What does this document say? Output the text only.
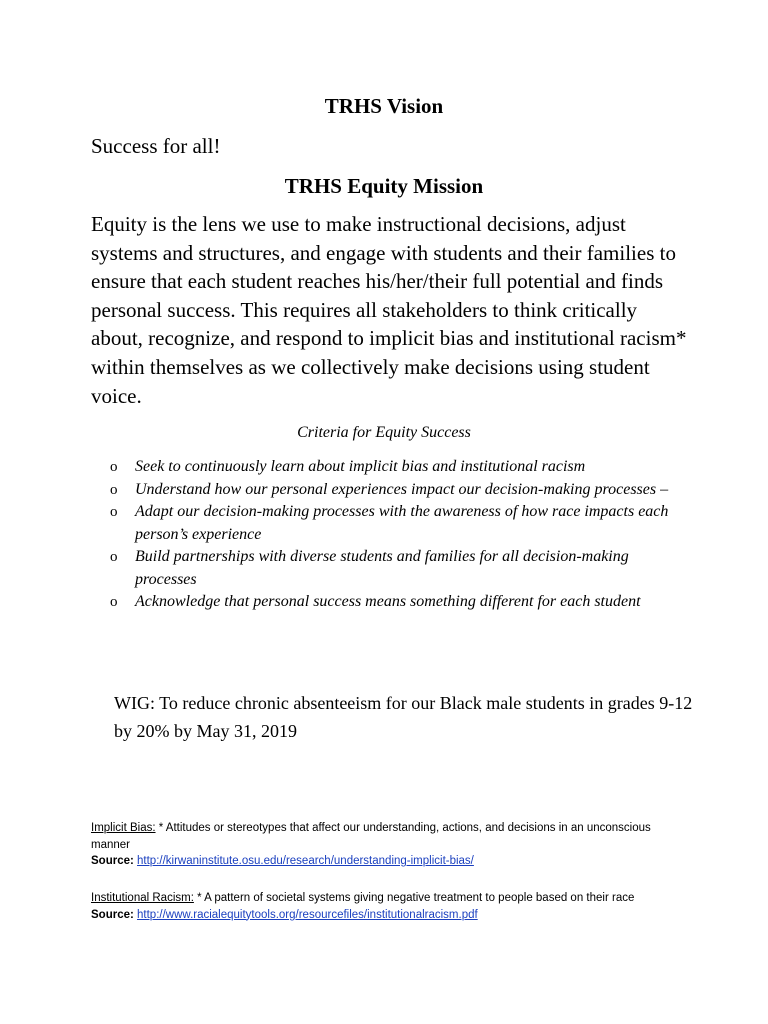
TRHS Vision
Success for all!
TRHS Equity Mission
Equity is the lens we use to make instructional decisions, adjust systems and structures, and engage with students and their families to ensure that each student reaches his/her/their full potential and finds personal success. This requires all stakeholders to think critically about, recognize, and respond to implicit bias and institutional racism* within themselves as we collectively make decisions using student voice.
Criteria for Equity Success
o Seek to continuously learn about implicit bias and institutional racism
o Understand how our personal experiences impact our decision-making processes –
o Adapt our decision-making processes with the awareness of how race impacts each person’s experience
o Build partnerships with diverse students and families for all decision-making processes
o Acknowledge that personal success means something different for each student
WIG: To reduce chronic absenteeism for our Black male students in grades 9-12 by 20% by May 31, 2019
Implicit Bias: * Attitudes or stereotypes that affect our understanding, actions, and decisions in an unconscious manner
Source: http://kirwaninstitute.osu.edu/research/understanding-implicit-bias/
Institutional Racism: * A pattern of societal systems giving negative treatment to people based on their race
Source: http://www.racialequitytools.org/resourcefiles/institutionalracism.pdf
